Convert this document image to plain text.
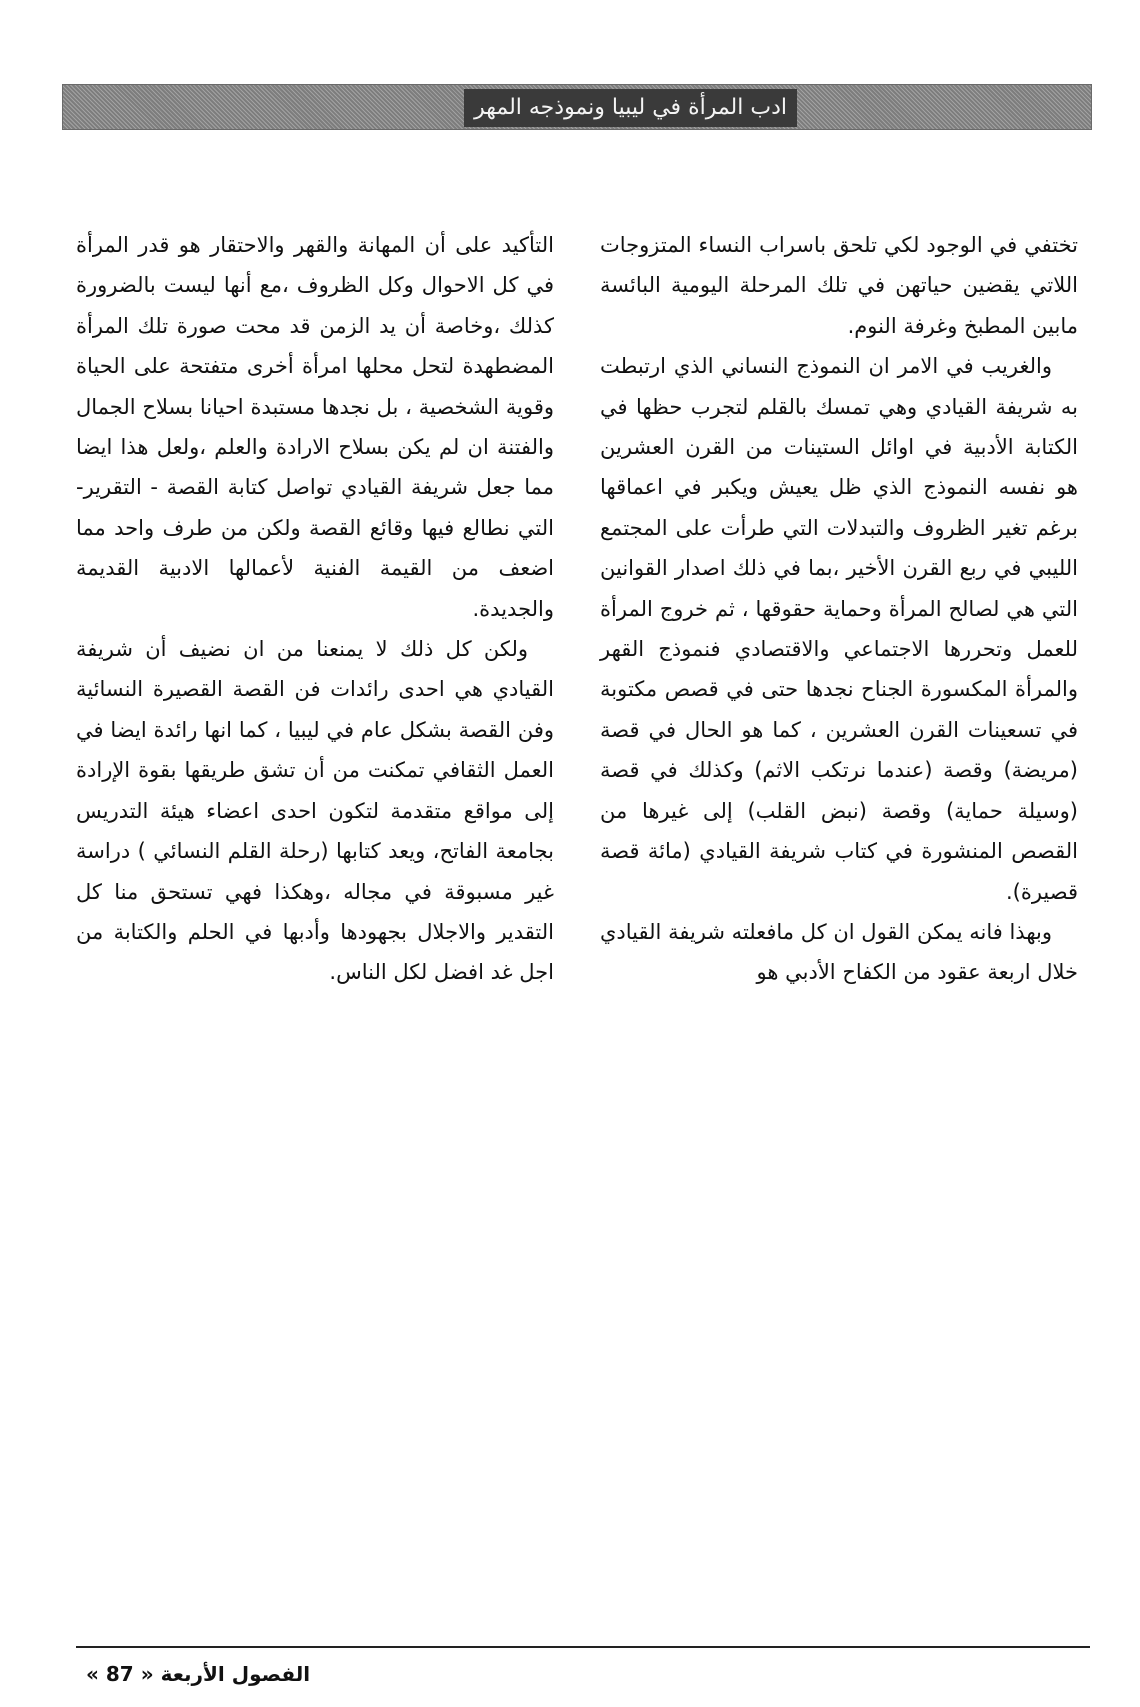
ادب المرأة في ليبيا ونموذجه المهر

تختفي في الوجود لكي تلحق باسراب النساء المتزوجات اللاتي يقضين حياتهن في تلك المرحلة اليومية البائسة مابين المطبخ وغرفة النوم.

والغريب في الامر ان النموذج النساني الذي ارتبطت به شريفة القيادي وهي تمسك بالقلم لتجرب حظها في الكتابة الأدبية في اوائل الستينات من القرن العشرين هو نفسه النموذج الذي ظل يعيش ويكبر في اعماقها برغم تغير الظروف والتبدلات التي طرأت على المجتمع الليبي في ربع القرن الأخير ،بما في ذلك اصدار القوانين التي هي لصالح المرأة وحماية حقوقها ، ثم خروج المرأة للعمل وتحررها الاجتماعي والاقتصادي فنموذج القهر والمرأة المكسورة الجناح نجدها حتى في قصص مكتوبة في تسعينات القرن العشرين ، كما هو الحال في قصة (مريضة) وقصة (عندما نرتكب الاثم) وكذلك في قصة (وسيلة حماية) وقصة (نبض القلب) إلى غيرها من القصص المنشورة في كتاب شريفة القيادي (مائة قصة قصيرة).

وبهذا فانه يمكن القول ان كل مافعلته شريفة القيادي خلال اربعة عقود من الكفاح الأدبي هو

التأكيد على أن المهانة والقهر والاحتقار هو قدر المرأة في كل الاحوال وكل الظروف ،مع أنها ليست بالضرورة كذلك ،وخاصة أن يد الزمن قد محت صورة تلك المرأة المضطهدة لتحل محلها امرأة أخرى متفتحة على الحياة وقوية الشخصية ، بل نجدها مستبدة احيانا بسلاح الجمال والفتنة ان لم يكن بسلاح الارادة والعلم ،ولعل هذا ايضا مما جعل شريفة القيادي تواصل كتابة القصة - التقرير- التي نطالع فيها وقائع القصة ولكن من طرف واحد مما اضعف من القيمة الفنية لأعمالها الادبية القديمة والجديدة.

ولكن كل ذلك لا يمنعنا من ان نضيف أن شريفة القيادي هي احدى رائدات فن القصة القصيرة النسائية وفن القصة بشكل عام في ليبيا ، كما انها رائدة ايضا في العمل الثقافي تمكنت من أن تشق طريقها بقوة الإرادة إلى مواقع متقدمة لتكون احدى اعضاء هيئة التدريس بجامعة الفاتح، ويعد كتابها (رحلة القلم النسائي ) دراسة غير مسبوقة في مجاله ،وهكذا فهي تستحق منا كل التقدير والاجلال بجهودها وأدبها في الحلم والكتابة من اجل غد افضل لكل الناس.

الفصول الأربعة « 87 »
